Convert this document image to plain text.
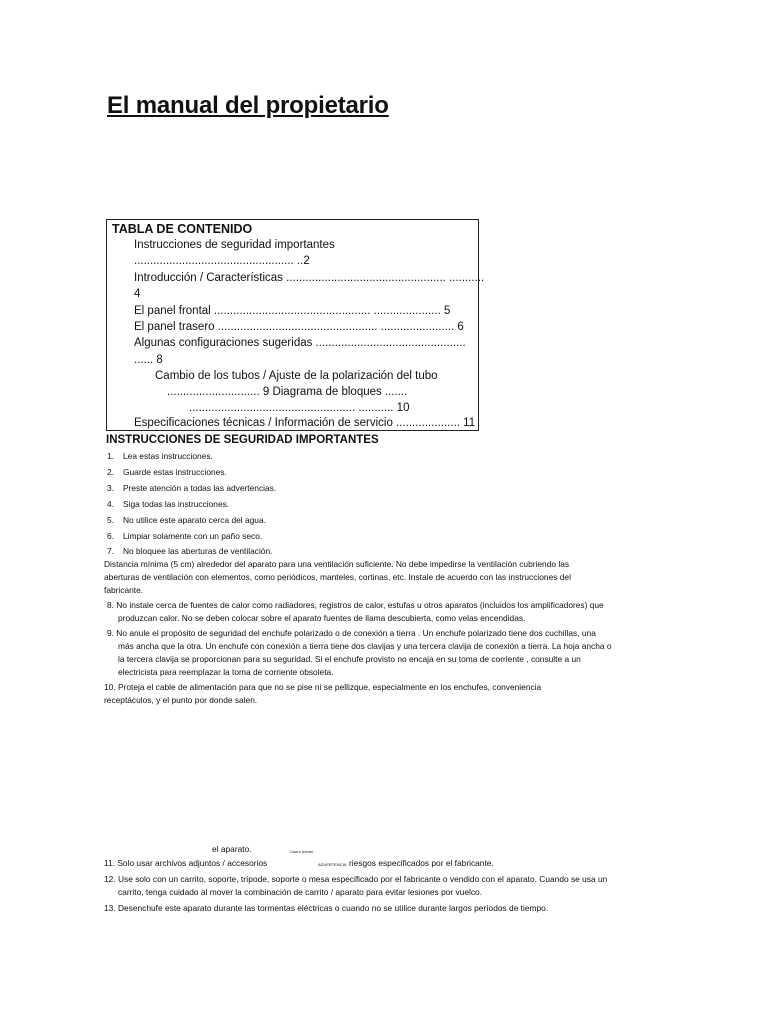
El manual del propietario
TABLA DE CONTENIDO
Instrucciones de seguridad importantes
.................................................. ..2
Introducción / Características .................................................. ...........
4
El panel frontal ................................................. ..................... 5
El panel trasero .................................................. ....................... 6
Algunas configuraciones sugeridas ...............................................
...... 8
Cambio de los tubos / Ajuste de la polarización del tubo
............................. 9 Diagrama de bloques .......
.................................................... ........... 10
Especificaciones técnicas / Información de servicio .................... 11
INSTRUCCIONES DE SEGURIDAD IMPORTANTES
1. Lea estas instrucciones.
2. Guarde estas instrucciones.
3. Preste atención a todas las advertencias.
4. Siga todas las instrucciones.
5. No utilice este aparato cerca del agua.
6. Limpiar solamente con un paño seco.
7. No bloquee las aberturas de ventilación.
Distancia mínima (5 cm) alrededor del aparato para una ventilación suficiente. No debe impedirse la ventilación cubriendo las
aberturas de ventilación con elementos, como periódicos, manteles, cortinas, etc. Instale de acuerdo con las instrucciones del
fabricante.
8. No instale cerca de fuentes de calor como radiadores, registros de calor, estufas u otros aparatos (incluidos los amplificadores) que
produzcan calor. No se deben colocar sobre el aparato fuentes de llama descubierta, como velas encendidas.
9. No anule el propósito de seguridad del enchufe polarizado o de conexión a tierra . Un enchufe polarizado tiene dos cuchillas, una
más ancha que la otra. Un enchufe con conexión a tierra tiene dos clavijas y una tercera clavija de conexión a tierra. La hoja ancha o
la tercera clavija se proporcionan para su seguridad. Si el enchufe provisto no encaja en su toma de corriente , consulte a un
electricista para reemplazar la toma de corriente obsoleta.
10. Proteja el cable de alimentación para que no se pise ni se pellizque, especialmente en los enchufes, conveniencia
receptáculos, y el punto por donde salen.
el aparato.	Cuero pomel
11. Solo usar archivos adjuntos / accesorios	ADVERTENCIA riesgos especificados por el fabricante.
12. Use solo con un carrito, soporte, trípode, soporte o mesa especificado por el fabricante o vendido con el aparato. Cuando se usa un
carrito, tenga cuidado al mover la combinación de carrito / aparato para evitar lesiones por vuelco.
13. Desenchufe este aparato durante las tormentas eléctricas o cuando no se utilice durante largos períodos de tiempo.
